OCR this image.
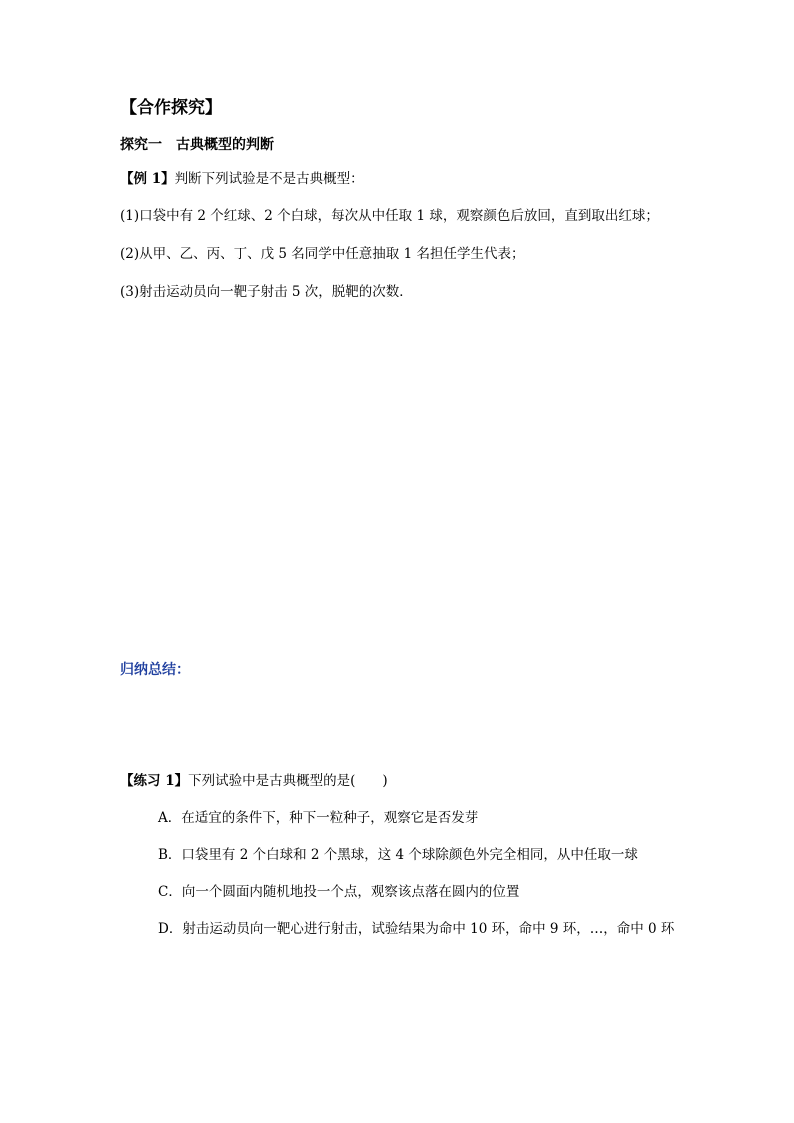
【合作探究】
探究一　古典概型的判断
【例 1】判断下列试验是不是古典概型：
(1)口袋中有 2 个红球、2 个白球，每次从中任取 1 球，观察颜色后放回，直到取出红球；
(2)从甲、乙、丙、丁、戊 5 名同学中任意抽取 1 名担任学生代表；
(3)射击运动员向一靶子射击 5 次，脱靶的次数．
归纳总结：
【练习 1】下列试验中是古典概型的是(　　)
A．在适宜的条件下，种下一粒种子，观察它是否发芽
B．口袋里有 2 个白球和 2 个黑球，这 4 个球除颜色外完全相同，从中任取一球
C．向一个圆面内随机地投一个点，观察该点落在圆内的位置
D．射击运动员向一靶心进行射击，试验结果为命中 10 环，命中 9 环，…，命中 0 环
